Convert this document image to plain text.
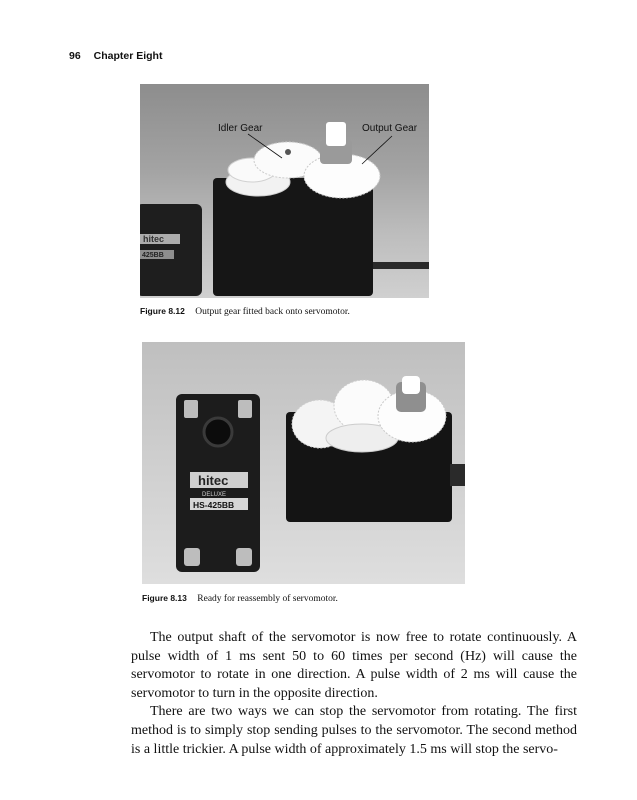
96 Chapter Eight
hitec
425BB
Idler Gear	Output Gear
Figure 8.12 Output gear fitted back onto servomotor.
hitec
DELUXE
HS-425BB
Figure 8.13 Ready for reassembly of servomotor.

The output shaft of the servomotor is now free to rotate continuously. A pulse width of 1 ms sent 50 to 60 times per second (Hz) will cause the servomotor to rotate in one direction. A pulse width of 2 ms will cause the servomotor to turn in the opposite direction.

There are two ways we can stop the servomotor from rotating. The first method is to simply stop sending pulses to the servomotor. The second method is a little trickier. A pulse width of approximately 1.5 ms will stop the servo-
